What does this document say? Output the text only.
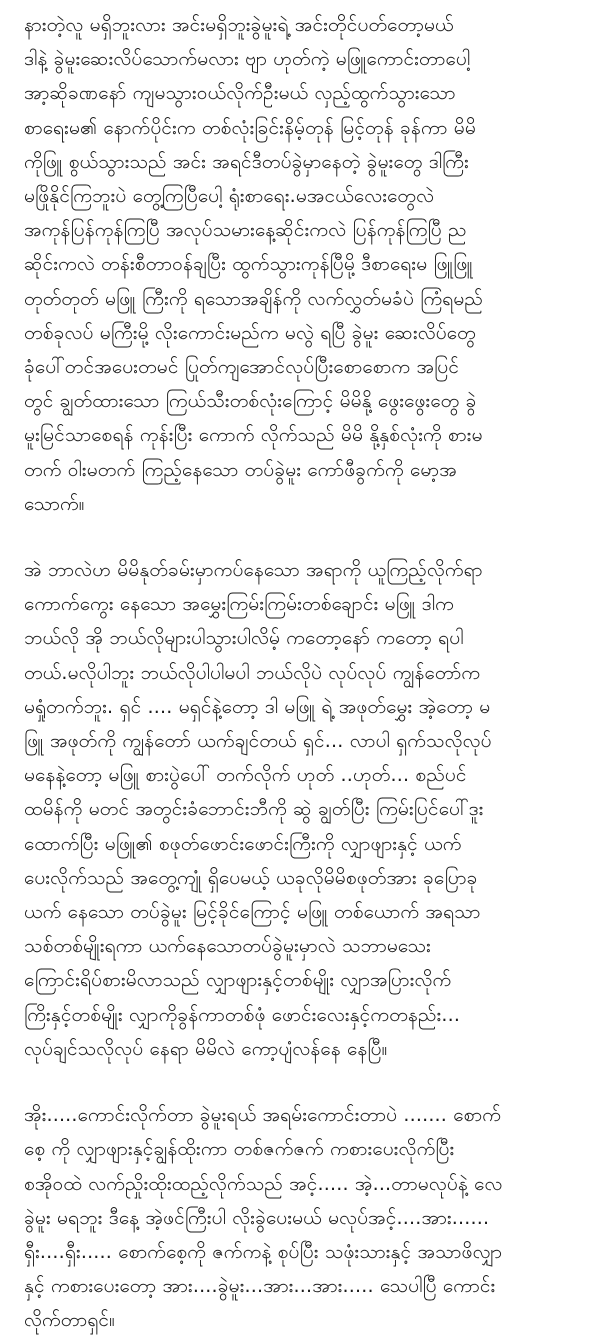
နားတဲ့လူ မရှိဘူးလား အင်းမရှိဘူးခွဲမူးရဲ့ အင်းတိုင်ပတ်တော့မယ်
ဒါနဲ့ ခွဲမူးဆေးလိပ်သောက်မလား ဗျာ ဟုတ်ကဲ့ မဖြူကောင်းတာပေါ့
အာ့ဆိုခဏနော် ကျမသွားဝယ်လိုက်ဦးမယ် လှည့်ထွက်သွားသော
စာရေးမ၏ နောက်ပိုင်းက တစ်လုံးခြင်းနိမ့်တုန် မြင့်တုန် ခုန်ကာ မိမိ
ကိုဖြူ စွယ်သွားသည် အင်း အရင်ဒီတပ်ခွဲမှာနေတဲ့ ခွဲမူးတွေ ဒါကြီး
မဖြိုနိုင်ကြဘူးပဲ တွေ့ကြပြီပေါ့ ရုံးစာရေး.မအငယ်လေးတွေလဲ
အကုန်ပြန်ကုန်ကြပြီ အလုပ်သမားနေ့ဆိုင်းကလဲ ပြန်ကုန်ကြပြီ ည
ဆိုင်းကလဲ တန်းစီတာဝန်ချပြီး ထွက်သွားကုန်ပြီမို့ ဒီစာရေးမ ဖြူဖြူ
တုတ်တုတ် မဖြူ ကြီးကို ရသောအချိန်ကို လက်လွှတ်မခံပဲ ကြံရမည်
တစ်ခုလပ် မကြီးမို့ လိုးကောင်းမည်က မလွဲ ရပြီ ခွဲမူး ဆေးလိပ်တွေ
ခုံပေါ်တင်အပေးတမင် ပြုတ်ကျအောင်လုပ်ပြီးစောစောက အပြင်
တွင် ချွတ်ထားသော ကြယ်သီးတစ်လုံးကြောင့် မိမိနို့ ဖွေးဖွေးတွေ ခွဲ
မူးမြင်သာစေရန် ကုန်းပြီး ကောက် လိုက်သည် မိမိ နို့နှစ်လုံးကို စားမ
တက် ဝါးမတက် ကြည့်နေသော တပ်ခွဲမူး ကော်ဖီခွက်ကို မော့အ
သောက်။

အဲ ဘာလဲဟ မိမိနုတ်ခမ်းမှာကပ်နေသော အရာကို ယူကြည့်လိုက်ရာ
ကောက်ကွေး နေသော အမွှေးကြမ်းကြမ်းတစ်ချောင်း မဖြူ ဒါက
ဘယ်လို အို ဘယ်လိုများပါသွားပါလိမ့် ကတော့နော် ကတော့ ရပါ
တယ်.မလိုပါဘူး ဘယ်လိုပါပါမပါ ဘယ်လိုပဲ လုပ်လုပ် ကျွန်တော်က
မရှုံတက်ဘူး. ရှင် .... မရှင်နဲ့တော့ ဒါ မဖြူ ရဲ့ အဖုတ်မွှေး အဲ့တော့ မ
ဖြူ အဖုတ်ကို ကျွန်တော် ယက်ချင်တယ် ရှင်... လာပါ ရှက်သလိုလုပ်
မနေနဲ့တော့ မဖြူ စားပွဲပေါ် တက်လိုက် ဟုတ် ..ဟုတ်... စည်ပင်
ထမိန်ကို မတင် အတွင်းခံဘောင်းဘီကို ဆွဲ ချွတ်ပြီး ကြမ်းပြင်ပေါ်ဒူး
ထောက်ပြီး မဖြူ၏ စဖုတ်ဖောင်းဖောင်းကြီးကို လျှာဖျားနှင့် ယက်
ပေးလိုက်သည် အတွေ့ကျုံ ရှိပေမယ့် ယခုလိုမိမိစဖုတ်အား ခုပြောခု
ယက် နေသော တပ်ခွဲမူး မြင့်ခိုင်ကြောင့် မဖြူ တစ်ယောက် အရသာ
သစ်တစ်မျိုးရကာ ယက်နေသောတပ်ခွဲမူးမှာလဲ သဘာမသေး
ကြောင်းရိပ်စားမိလာသည် လျှာဖျားနှင့်တစ်မျိုး လျှာအပြားလိုက်
ကြိးနှင့်တစ်မျိုး လျှာကိုခွန်ကာတစ်ဖုံ ဖောင်းလေးနှင့်ကတနည်း...
လုပ်ချင်သလိုလုပ် နေရာ မိမိလဲ ကော့ပျံလန်နေ နေပြီ။

အိုး.....ကောင်းလိုက်တာ ခွဲမူးရယ် အရမ်းကောင်းတာပဲ ....... စောက်
စေ့ ကို လျှာဖျားနှင့်ချွန်ထိုးကာ တစ်ဇက်ဇက် ကစားပေးလိုက်ပြီး
စအိုဝထဲ လက်ညှိုးထိုးထည့်လိုက်သည် အင့်..... အဲ့...တာမလုပ်နဲ့ လေ
ခွဲမူး မရဘူး ဒီနေ့ အဲ့ဖင်ကြီးပါ လိုးခွဲပေးမယ် မလုပ်အင့်....အား......
ရှီး....ရှီး..... စောက်စေ့ကို ဇက်ကနဲ့ စုပ်ပြီး သဖုံးသားနှင့် အသာဖိလျှာ
နှင့် ကစားပေးတော့ အား....ခွဲမူး...အား...အား..... သေပါပြီ ကောင်း
လိုက်တာရှင်။
